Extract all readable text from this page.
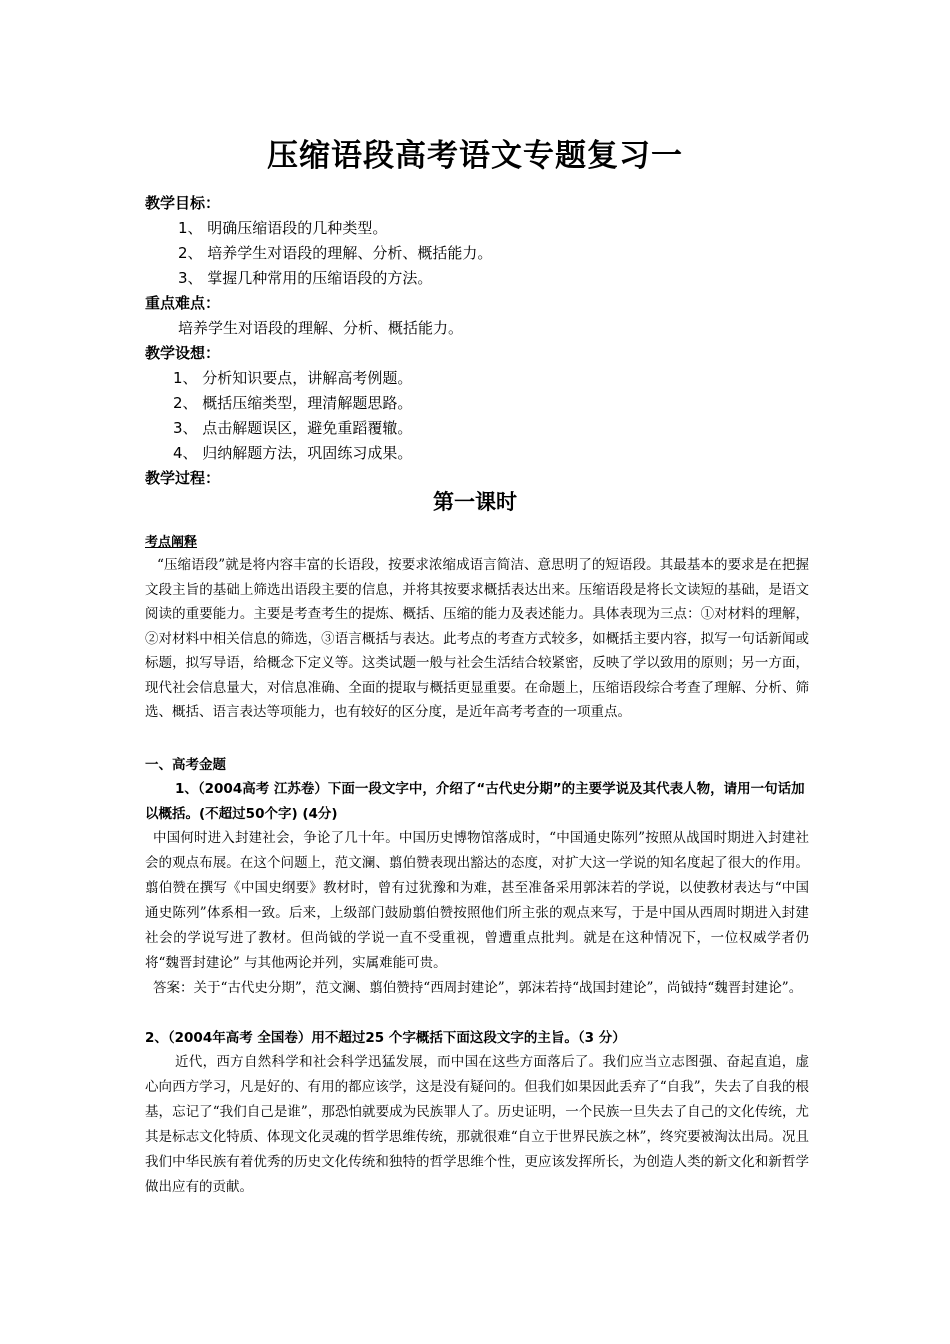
压缩语段高考语文专题复习一
教学目标：
1、 明确压缩语段的几种类型。
2、 培养学生对语段的理解、分析、概括能力。
3、 掌握几种常用的压缩语段的方法。
重点难点：
培养学生对语段的理解、分析、概括能力。
教学设想：
1、 分析知识要点，讲解高考例题。
2、 概括压缩类型，理清解题思路。
3、 点击解题误区，避免重蹈覆辙。
4、 归纳解题方法，巩固练习成果。
教学过程：
第一课时
考点阐释
“压缩语段”就是将内容丰富的长语段，按要求浓缩成语言简洁、意思明了的短语段。其最基本的要求是在把握文段主旨的基础上筛选出语段主要的信息，并将其按要求概括表达出来。压缩语段是将长文读短的基础，是语文阅读的重要能力。主要是考查考生的提炼、概括、压缩的能力及表述能力。具体表现为三点：①对材料的理解，②对材料中相关信息的筛选，③语言概括与表达。此考点的考查方式较多，如概括主要内容，拟写一句话新闻或标题，拟写导语，给概念下定义等。这类试题一般与社会生活结合较紧密，反映了学以致用的原则；另一方面，现代社会信息量大，对信息准确、全面的提取与概括更显重要。在命题上，压缩语段综合考查了理解、分析、筛选、概括、语言表达等项能力，也有较好的区分度，是近年高考考查的一项重点。
一、高考金题
1、（2004高考 江苏卷）下面一段文字中，介绍了“古代史分期”的主要学说及其代表人物，请用一句话加以概括。(不超过50个字) (4分)
中国何时进入封建社会，争论了几十年。中国历史博物馆落成时，“中国通史陈列”按照从战国时期进入封建社会的观点布展。在这个问题上，范文澜、翦伯赞表现出豁达的态度，对扩大这一学说的知名度起了很大的作用。翦伯赞在撰写《中国史纲要》教材时，曾有过犹豫和为难，甚至准备采用郭沫若的学说，以使教材表达与“中国通史陈列”体系相一致。后来，上级部门鼓励翦伯赞按照他们所主张的观点来写，于是中国从西周时期进入封建社会的学说写进了教材。但尚钺的学说一直不受重视，曾遭重点批判。就是在这种情况下，一位权威学者仍将“魏晋封建论” 与其他两论并列，实属难能可贵。
答案：关于“古代史分期”，范文澜、翦伯赞持“西周封建论”，郭沫若持“战国封建论”，尚钺持“魏晋封建论”。
2、（2004年高考 全国卷）用不超过25 个字概括下面这段文字的主旨。（3 分）
近代，西方自然科学和社会科学迅猛发展，而中国在这些方面落后了。我们应当立志图强、奋起直追，虚心向西方学习，凡是好的、有用的都应该学，这是没有疑问的。但我们如果因此丢弃了“自我”，失去了自我的根基，忘记了“我们自己是谁”，那恐怕就要成为民族罪人了。历史证明，一个民族一旦失去了自己的文化传统，尤其是标志文化特质、体现文化灵魂的哲学思维传统，那就很难“自立于世界民族之林”，终究要被淘汰出局。况且我们中华民族有着优秀的历史文化传统和独特的哲学思维个性，更应该发挥所长，为创造人类的新文化和新哲学做出应有的贡献。
